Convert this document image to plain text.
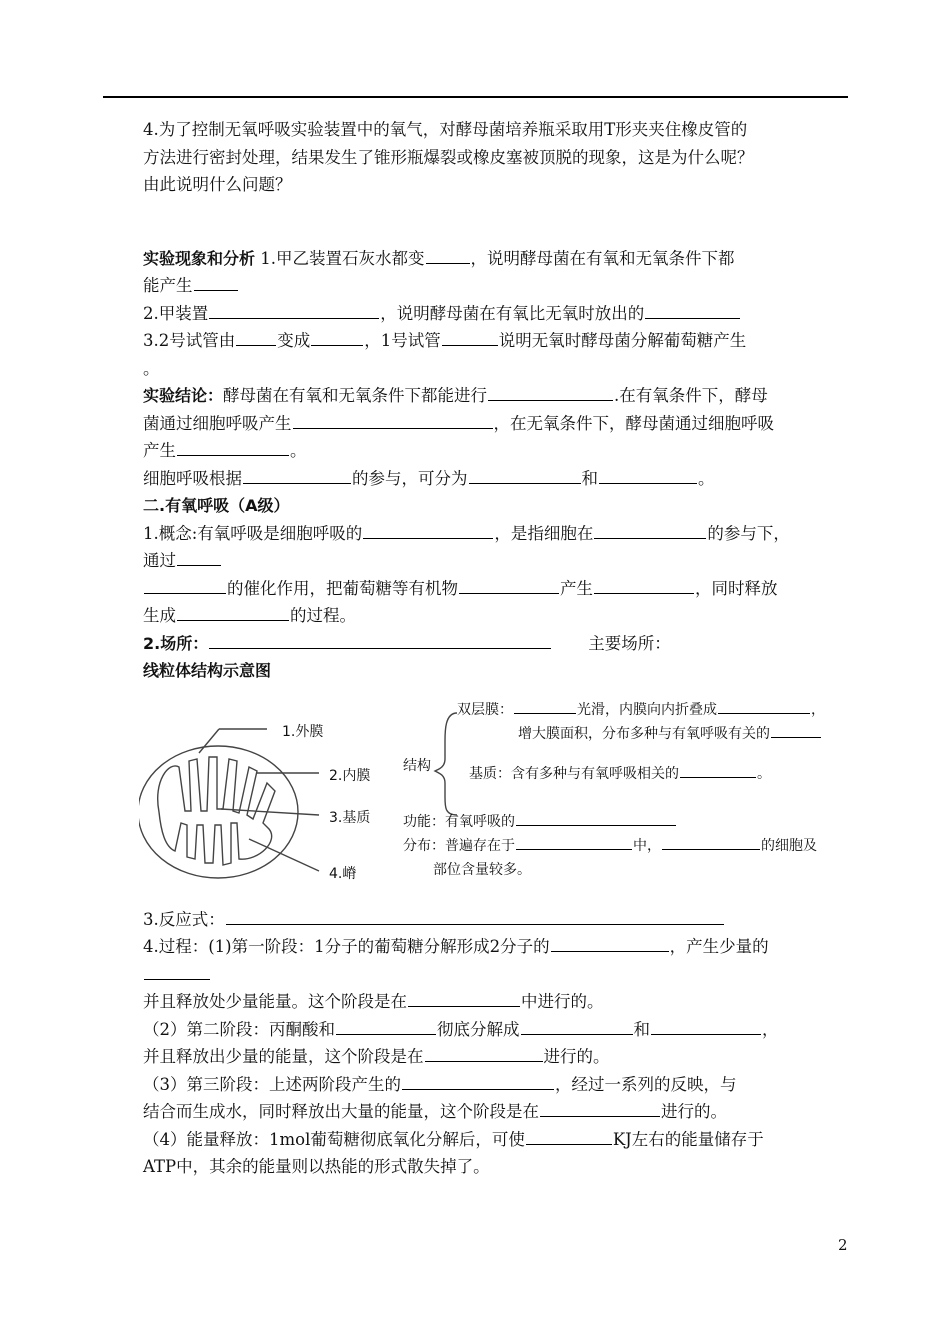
4.为了控制无氧呼吸实验装置中的氧气，对酵母菌培养瓶采取用T形夹夹住橡皮管的

方法进行密封处理，结果发生了锥形瓶爆裂或橡皮塞被顶脱的现象，这是为什么呢？

由此说明什么问题？

实验现象和分析 1.甲乙装置石灰水都变	，说明酵母菌在有氧和无氧条件下都

能产生

2.甲装置	，说明酵母菌在有氧比无氧时放出的

3.2号试管由	变成	，1号试管	说明无氧时酵母菌分解葡萄糖产生

。

实验结论：酵母菌在有氧和无氧条件下都能进行	.在有氧条件下，酵母

菌通过细胞呼吸产生	，在无氧条件下，酵母菌通过细胞呼吸

产生	。

细胞呼吸根据	的参与，可分为	和	。

二.有氧呼吸（A级）

1.概念:有氧呼吸是细胞呼吸的	，是指细胞在	的参与下，

通过

的催化作用，把葡萄糖等有机物	产生	，同时释放

生成	的过程。

2.场所：	主要场所：

线粒体结构示意图

1.外膜
2.内膜
3.基质
4.嵴
结构
双层膜：	光滑，内膜向内折叠成	，
增大膜面积，分布多种与有氧呼吸有关的
基质：含有多种与有氧呼吸相关的	。
功能：有氧呼吸的
分布：普遍存在于	中，	的细胞及
部位含量较多。

3.反应式：

4.过程：(1)第一阶段：1分子的葡萄糖分解形成2分子的	，产生少量的

并且释放处少量能量。这个阶段是在	中进行的。

（2）第二阶段：丙酮酸和	彻底分解成	和	，

并且释放出少量的能量，这个阶段是在	进行的。

（3）第三阶段：上述两阶段产生的	，经过一系列的反映，与

结合而生成水，同时释放出大量的能量，这个阶段是在	进行的。

（4）能量释放：1mol葡萄糖彻底氧化分解后，可使	KJ左右的能量储存于

ATP中，其余的能量则以热能的形式散失掉了。

2
